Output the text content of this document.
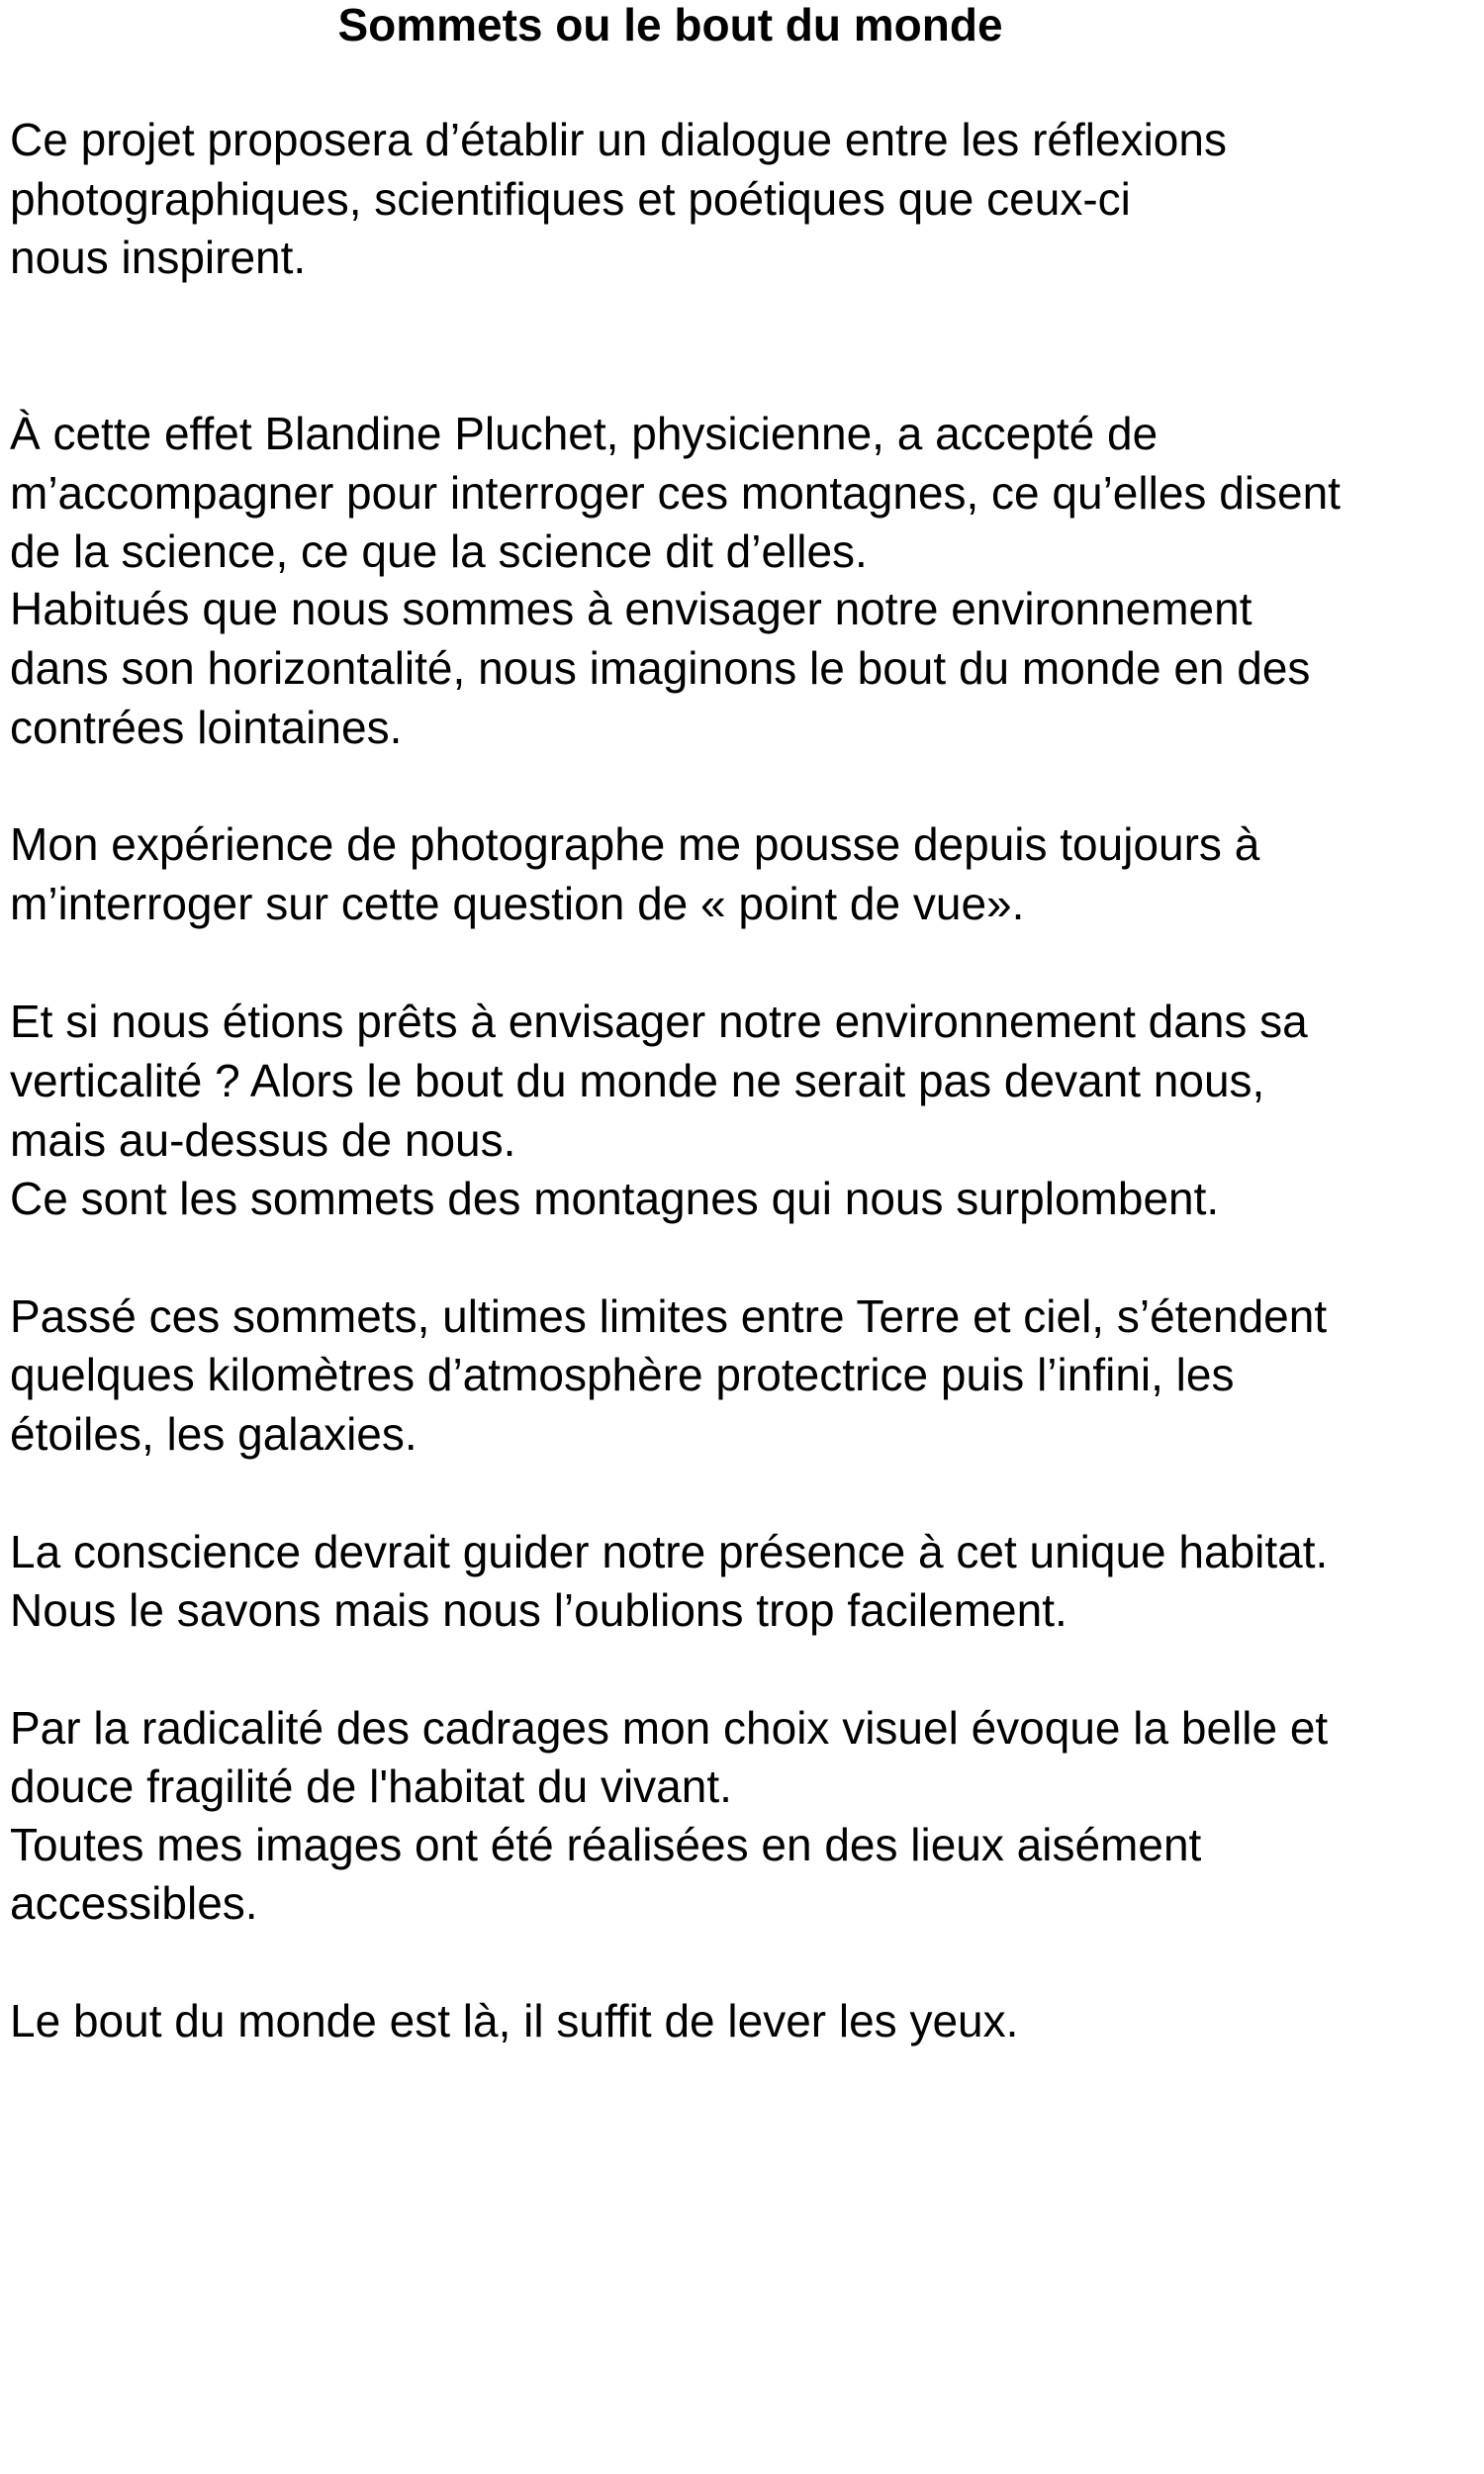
Sommets ou le bout du monde
Ce projet proposera d’établir un dialogue entre les réflexions
photographiques, scientifiques et poétiques que ceux-ci
nous inspirent.
À cette effet Blandine Pluchet, physicienne, a accepté de
m’accompagner pour interroger ces montagnes, ce qu’elles disent
de la science, ce que la science dit d’elles.
Habitués que nous sommes à envisager notre environnement
dans son horizontalité, nous imaginons le bout du monde en des
contrées lointaines.
Mon expérience de photographe me pousse depuis toujours à
m’interroger sur cette question de « point de vue».
Et si nous étions prêts à envisager notre environnement dans sa
verticalité ? Alors le bout du monde ne serait pas devant nous,
mais au-dessus de nous.
Ce sont les sommets des montagnes qui nous surplombent.
Passé ces sommets, ultimes limites entre Terre et ciel, s’étendent
quelques kilomètres d’atmosphère protectrice puis l’infini, les
étoiles, les galaxies.
La conscience devrait guider notre présence à cet unique habitat.
Nous le savons mais nous l’oublions trop facilement.
Par la radicalité des cadrages mon choix visuel évoque la belle et
douce fragilité de l'habitat du vivant.
Toutes mes images ont été réalisées en des lieux aisément
accessibles.
Le bout du monde est là, il suffit de lever les yeux.
